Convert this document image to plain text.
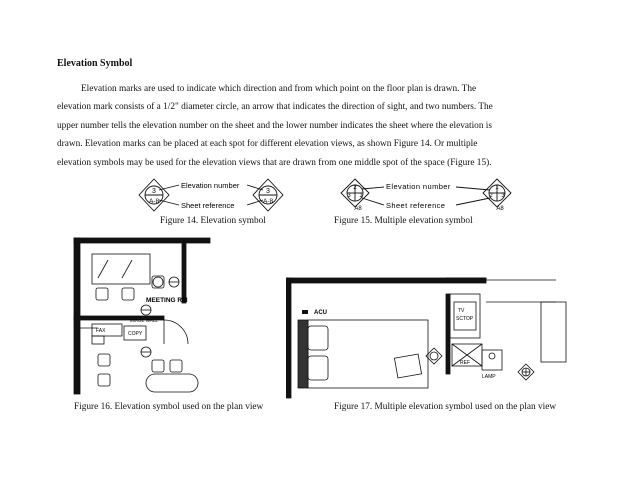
Elevation Symbol

Elevation marks are used to indicate which direction and from which point on the floor plan is drawn. The
elevation mark consists of a 1/2" diameter circle, an arrow that indicates the direction of sight, and two numbers. The
upper number tells the elevation number on the sheet and the lower number indicates the sheet where the elevation is
drawn. Elevation marks can be placed at each spot for different elevation views, as shown Figure 14. Or multiple
elevation symbols may be used for the elevation views that are drawn from one middle spot of the space (Figure 15).

3
A-8
3
A-8
Elevation number
Sheet reference
2
3 1
A8
1
2 3
A8
Elevation number
Sheet reference
Figure 14. Elevation symbol	Figure 15. Multiple elevation symbol
MEETING RM
IMAGE WALL
FAX	COPY
ACU	TV
SCTOP
REF
LAMP
Figure 16. Elevation symbol used on the plan view	Figure 17. Multiple elevation symbol used on the plan view
